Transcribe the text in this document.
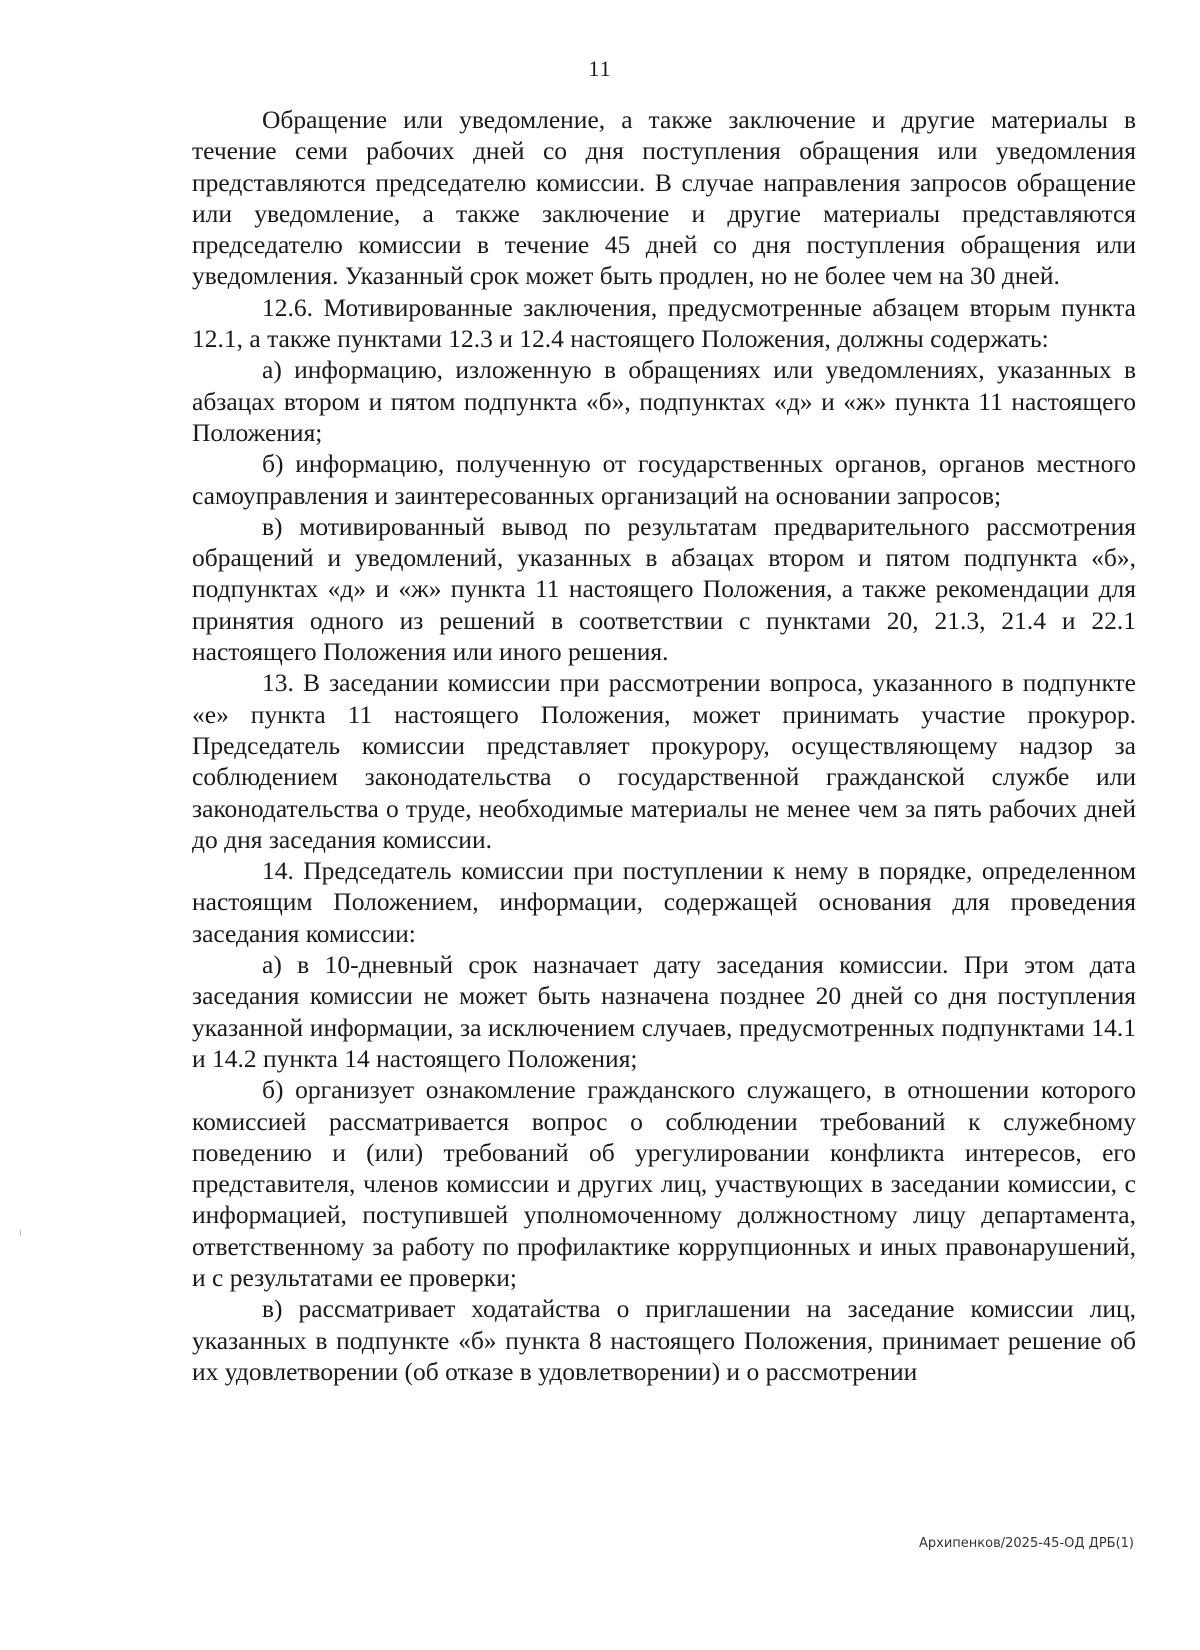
11

Обращение или уведомление, а также заключение и другие материалы в течение семи рабочих дней со дня поступления обращения или уведомления представляются председателю комиссии. В случае направления запросов обращение или уведомление, а также заключение и другие материалы представляются председателю комиссии в течение 45 дней со дня поступления обращения или уведомления. Указанный срок может быть продлен, но не более чем на 30 дней.

12.6. Мотивированные заключения, предусмотренные абзацем вторым пункта 12.1, а также пунктами 12.3 и 12.4 настоящего Положения, должны содержать:

а) информацию, изложенную в обращениях или уведомлениях, указанных в абзацах втором и пятом подпункта «б», подпунктах «д» и «ж» пункта 11 настоящего Положения;

б) информацию, полученную от государственных органов, органов местного самоуправления и заинтересованных организаций на основании запросов;

в) мотивированный вывод по результатам предварительного рассмотрения обращений и уведомлений, указанных в абзацах втором и пятом подпункта «б», подпунктах «д» и «ж» пункта 11 настоящего Положения, а также рекомендации для принятия одного из решений в соответствии с пунктами 20, 21.3, 21.4 и 22.1 настоящего Положения или иного решения.

13. В заседании комиссии при рассмотрении вопроса, указанного в подпункте «е» пункта 11 настоящего Положения, может принимать участие прокурор. Председатель комиссии представляет прокурору, осуществляющему надзор за соблюдением законодательства о государственной гражданской службе или законодательства о труде, необходимые материалы не менее чем за пять рабочих дней до дня заседания комиссии.

14. Председатель комиссии при поступлении к нему в порядке, определенном настоящим Положением, информации, содержащей основания для проведения заседания комиссии:

а) в 10-дневный срок назначает дату заседания комиссии. При этом дата заседания комиссии не может быть назначена позднее 20 дней со дня поступления указанной информации, за исключением случаев, предусмотренных подпунктами 14.1 и 14.2 пункта 14 настоящего Положения;

б) организует ознакомление гражданского служащего, в отношении которого комиссией рассматривается вопрос о соблюдении требований к служебному поведению и (или) требований об урегулировании конфликта интересов, его представителя, членов комиссии и других лиц, участвующих в заседании комиссии, с информацией, поступившей уполномоченному должностному лицу департамента, ответственному за работу по профилактике коррупционных и иных правонарушений, и с результатами ее проверки;

в) рассматривает ходатайства о приглашении на заседание комиссии лиц, указанных в подпункте «б» пункта 8 настоящего Положения, принимает решение об их удовлетворении (об отказе в удовлетворении) и о рассмотрении

Архипенков/2025-45-ОД ДРБ(1)
